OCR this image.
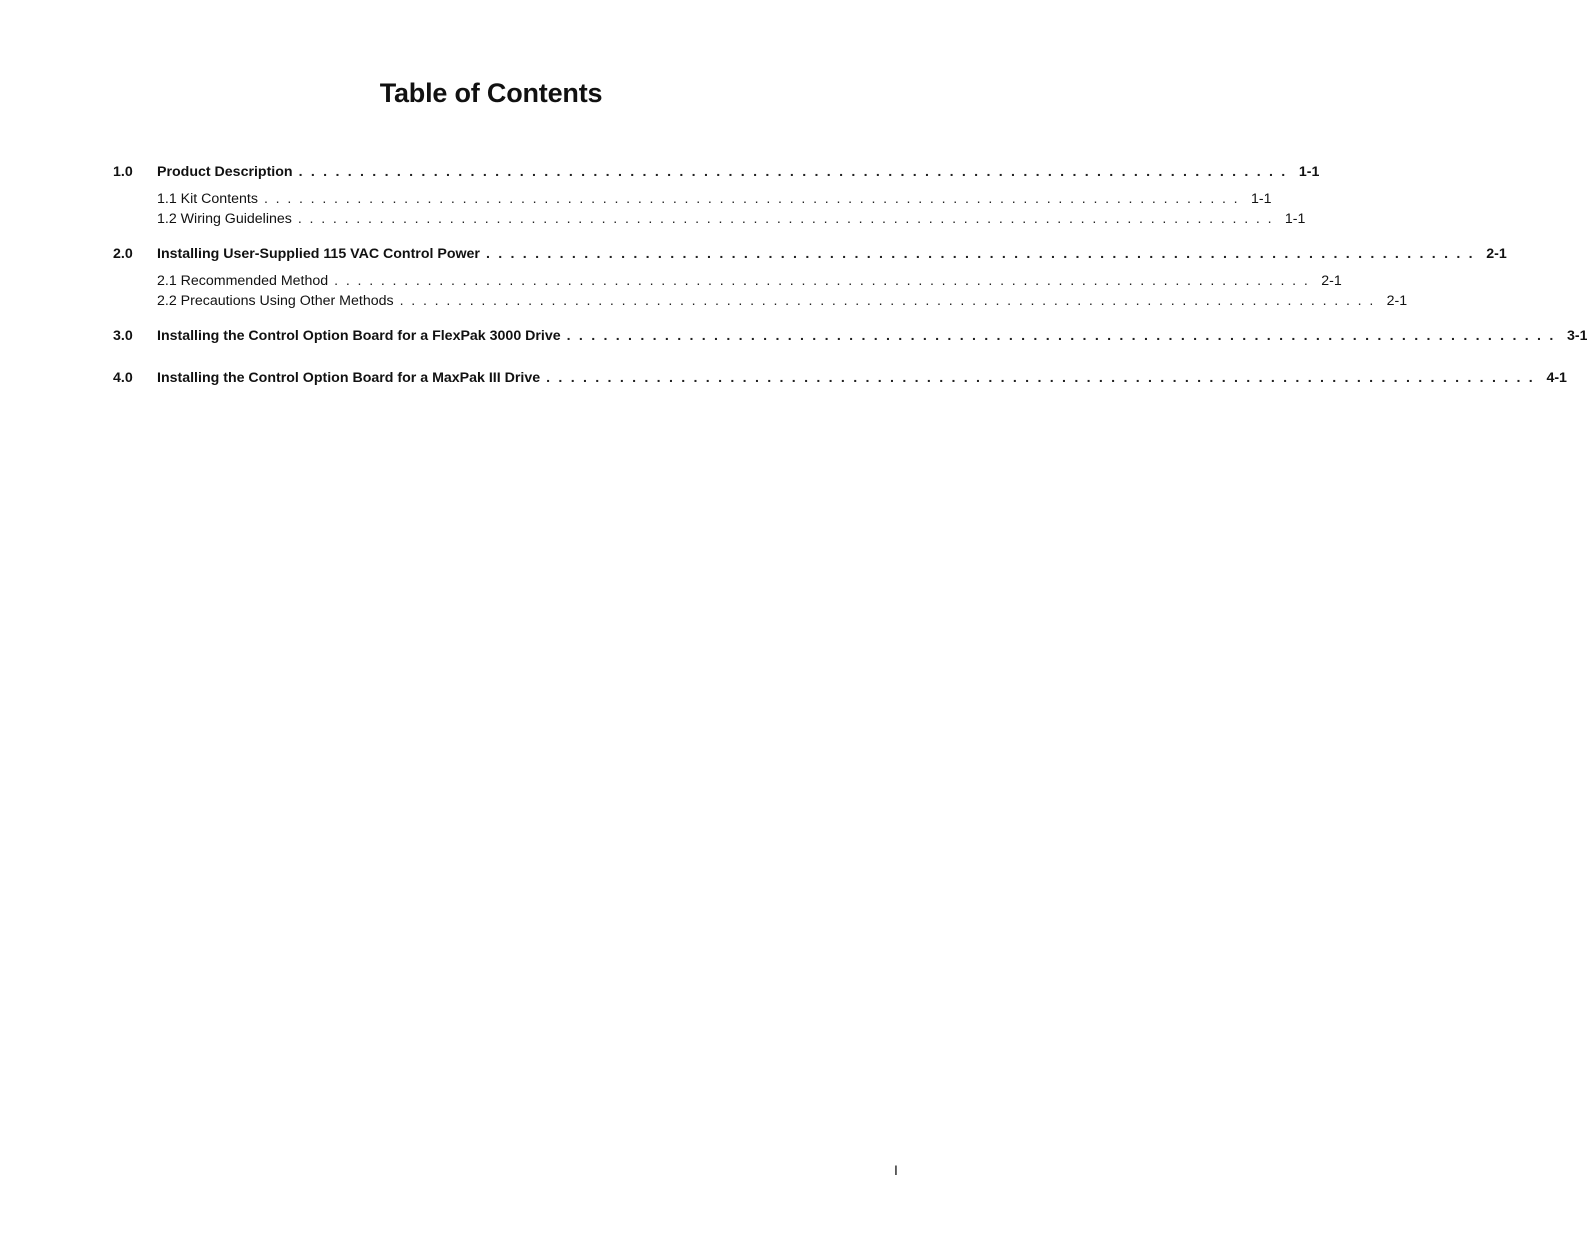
Table of Contents
1.0	Product Description . . . . . . . . . . . . . . . . . . . . . . . . . . . . . . . . . . . . . . . . . . . . . . . . . . . . . . . . . . . . . . . . . . . . . . . . . . . . . . . . . 1-1
1.1 Kit Contents . . . . . . . . . . . . . . . . . . . . . . . . . . . . . . . . . . . . . . . . . . . . . . . . . . . . . . . . . . . . . . . . . . . . . . . . . . . . . . . . . . . . 1-1
1.2 Wiring Guidelines . . . . . . . . . . . . . . . . . . . . . . . . . . . . . . . . . . . . . . . . . . . . . . . . . . . . . . . . . . . . . . . . . . . . . . . . . . . . . . . . . . . . 1-1
2.0	Installing User-Supplied 115 VAC Control Power . . . . . . . . . . . . . . . . . . . . . . . . . . . . . . . . . . . . . . . . . . . . . . . . . . . . . . . . . . . . . . . . . . . . . . . . . . . . . . . . . 2-1
2.1 Recommended Method . . . . . . . . . . . . . . . . . . . . . . . . . . . . . . . . . . . . . . . . . . . . . . . . . . . . . . . . . . . . . . . . . . . . . . . . . . . . . . . . . . . . 2-1
2.2 Precautions Using Other Methods . . . . . . . . . . . . . . . . . . . . . . . . . . . . . . . . . . . . . . . . . . . . . . . . . . . . . . . . . . . . . . . . . . . . . . . . . . . . . . . . . . . . 2-1
3.0	Installing the Control Option Board for a FlexPak 3000 Drive . . . . . . . . . . . . . . . . . . . . . . . . . . . . . . . . . . . . . . . . . . . . . . . . . . . . . . . . . . . . . . . . . . . . . . . . . . . . . . . . . 3-1
4.0	Installing the Control Option Board for a MaxPak III Drive . . . . . . . . . . . . . . . . . . . . . . . . . . . . . . . . . . . . . . . . . . . . . . . . . . . . . . . . . . . . . . . . . . . . . . . . . . . . . . . . . 4-1
I
